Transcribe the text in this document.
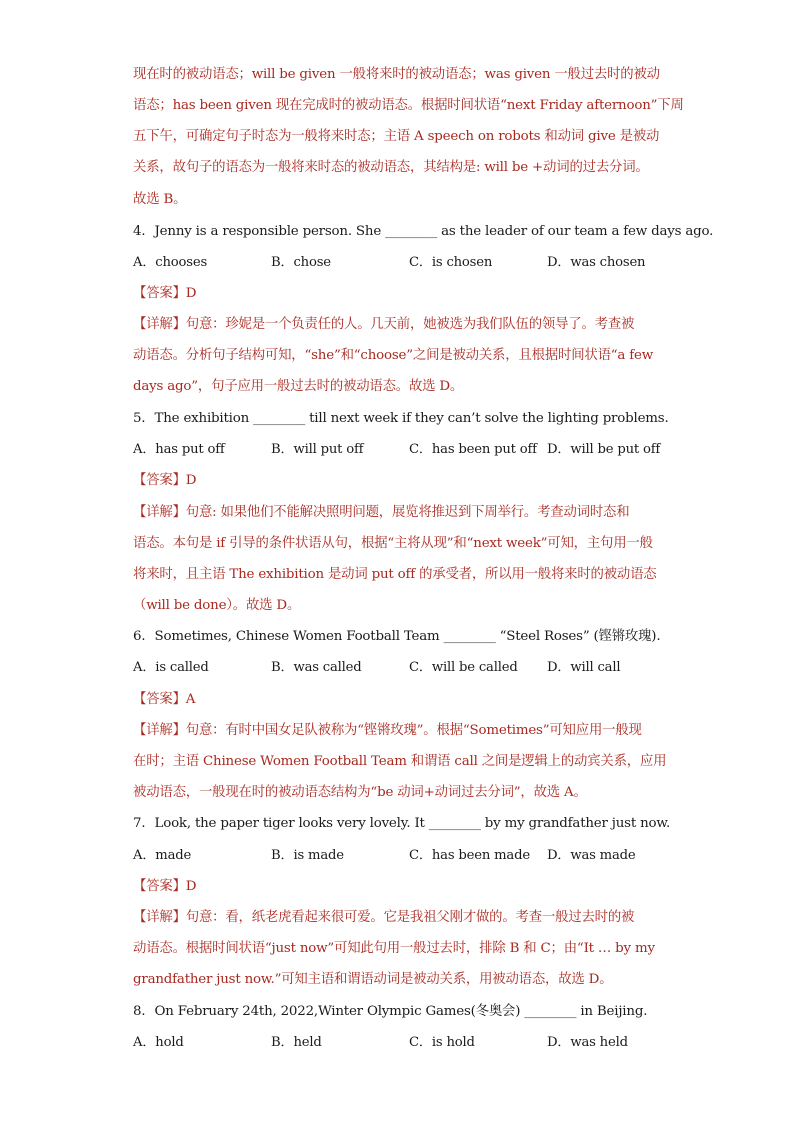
现在时的被动语态；will be given 一般将来时的被动语态；was given 一般过去时的被动
语态；has been given 现在完成时的被动语态。根据时间状语“next Friday afternoon”下周
五下午，可确定句子时态为一般将来时态；主语 A speech on robots 和动词 give 是被动
关系，故句子的语态为一般将来时态的被动语态，其结构是: will be +动词的过去分词。
故选 B。
4．Jenny is a responsible person. She ________ as the leader of our team a few days ago.
A．chooses	B．chose	C．is chosen	D．was chosen
【答案】D
【详解】句意：珍妮是一个负责任的人。几天前，她被选为我们队伍的领导了。考查被
动语态。分析句子结构可知，“she”和“choose”之间是被动关系，且根据时间状语“a few
days ago”，句子应用一般过去时的被动语态。故选 D。
5．The exhibition ________ till next week if they can’t solve the lighting problems.
A．has put off	B．will put off	C．has been put off D．will be put off
【答案】D
【详解】句意: 如果他们不能解决照明问题，展览将推迟到下周举行。考查动词时态和
语态。本句是 if 引导的条件状语从句，根据“主将从现”和“next week”可知，主句用一般
将来时，且主语 The exhibition 是动词 put off 的承受者，所以用一般将来时的被动语态
（will be done）。故选 D。
6．Sometimes, Chinese Women Football Team ________ “Steel Roses” (铿锵玫瑰).
A．is called	B．was called	C．will be called D．will call
【答案】A
【详解】句意：有时中国女足队被称为“铿锵玫瑰”。根据“Sometimes”可知应用一般现
在时；主语 Chinese Women Football Team 和谓语 call 之间是逻辑上的动宾关系，应用
被动语态，一般现在时的被动语态结构为“be 动词+动词过去分词”，故选 A。
7．Look, the paper tiger looks very lovely. It ________ by my grandfather just now.
A．made	B．is made	C．has been made D．was made
【答案】D
【详解】句意：看，纸老虎看起来很可爱。它是我祖父刚才做的。考查一般过去时的被
动语态。根据时间状语“just now”可知此句用一般过去时，排除 B 和 C；由“It … by my
grandfather just now.”可知主语和谓语动词是被动关系，用被动语态，故选 D。
8．On February 24th, 2022,Winter Olympic Games(冬奥会) ________ in Beijing.
A．hold	B．held	C．is hold	D．was held
